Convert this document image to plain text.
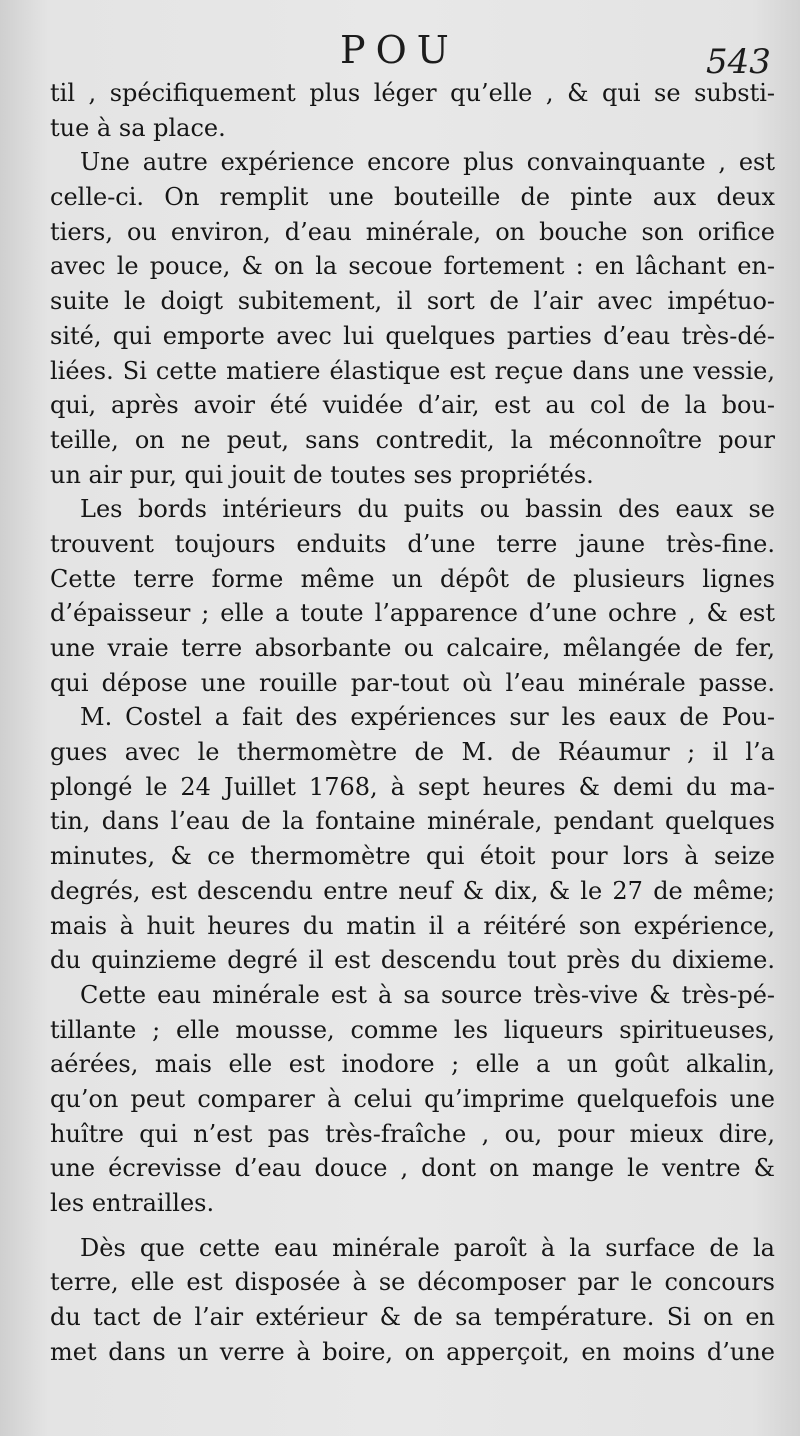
POU	543
til , spécifiquement plus léger qu’elle , & qui se substi-
tue à sa place.
Une autre expérience encore plus convainquante , est
celle-ci. On remplit une bouteille de pinte aux deux
tiers, ou environ, d’eau minérale, on bouche son orifice
avec le pouce, & on la secoue fortement : en lâchant en-
suite le doigt subitement, il sort de l’air avec impétuo-
sité, qui emporte avec lui quelques parties d’eau très-dé-
liées. Si cette matiere élastique est reçue dans une vessie,
qui, après avoir été vuidée d’air, est au col de la bou-
teille, on ne peut, sans contredit, la méconnoître pour
un air pur, qui jouit de toutes ses propriétés.
Les bords intérieurs du puits ou bassin des eaux se
trouvent toujours enduits d’une terre jaune très-fine.
Cette terre forme même un dépôt de plusieurs lignes
d’épaisseur ; elle a toute l’apparence d’une ochre , & est
une vraie terre absorbante ou calcaire, mêlangée de fer,
qui dépose une rouille par-tout où l’eau minérale passe.
M. Costel a fait des expériences sur les eaux de Pou-
gues avec le thermomètre de M. de Réaumur ; il l’a
plongé le 24 Juillet 1768, à sept heures & demi du ma-
tin, dans l’eau de la fontaine minérale, pendant quelques
minutes, & ce thermomètre qui étoit pour lors à seize
degrés, est descendu entre neuf & dix, & le 27 de même;
mais à huit heures du matin il a réitéré son expérience,
du quinzieme degré il est descendu tout près du dixieme.
Cette eau minérale est à sa source très-vive & très-pé-
tillante ; elle mousse, comme les liqueurs spiritueuses,
aérées, mais elle est inodore ; elle a un goût alkalin,
qu’on peut comparer à celui qu’imprime quelquefois une
huître qui n’est pas très-fraîche , ou, pour mieux dire,
une écrevisse d’eau douce , dont on mange le ventre &
les entrailles.
Dès que cette eau minérale paroît à la surface de la
terre, elle est disposée à se décomposer par le concours
du tact de l’air extérieur & de sa température. Si on en
met dans un verre à boire, on apperçoit, en moins d’une
